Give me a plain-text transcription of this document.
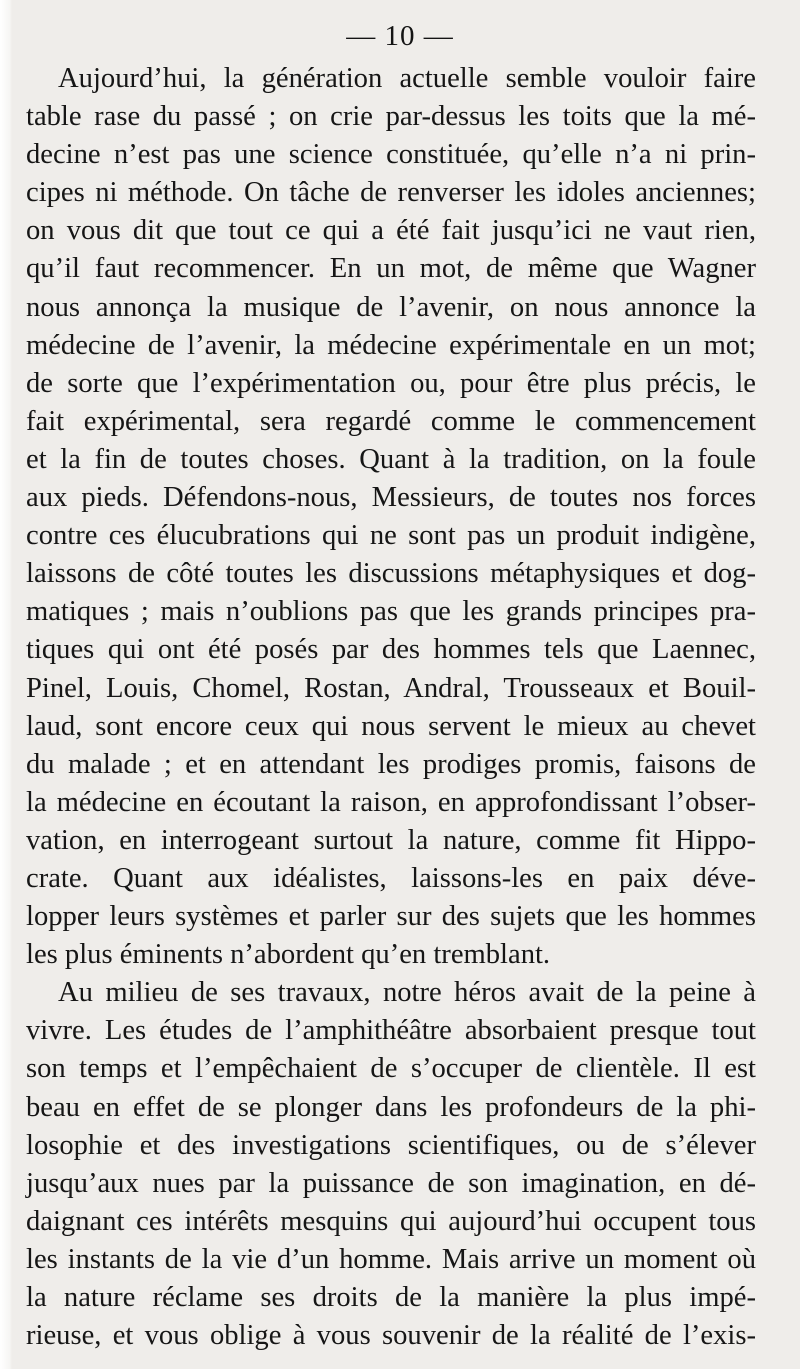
— 10 —

Aujourd’hui, la génération actuelle semble vouloir faire
table rase du passé ; on crie par-dessus les toits que la mé-
decine n’est pas une science constituée, qu’elle n’a ni prin-
cipes ni méthode. On tâche de renverser les idoles anciennes;
on vous dit que tout ce qui a été fait jusqu’ici ne vaut rien,
qu’il faut recommencer. En un mot, de même que Wagner
nous annonça la musique de l’avenir, on nous annonce la
médecine de l’avenir, la médecine expérimentale en un mot;
de sorte que l’expérimentation ou, pour être plus précis, le
fait expérimental, sera regardé comme le commencement
et la fin de toutes choses. Quant à la tradition, on la foule
aux pieds. Défendons-nous, Messieurs, de toutes nos forces
contre ces élucubrations qui ne sont pas un produit indigène,
laissons de côté toutes les discussions métaphysiques et dog-
matiques ; mais n’oublions pas que les grands principes pra-
tiques qui ont été posés par des hommes tels que Laennec,
Pinel, Louis, Chomel, Rostan, Andral, Trousseaux et Bouil-
laud, sont encore ceux qui nous servent le mieux au chevet
du malade ; et en attendant les prodiges promis, faisons de
la médecine en écoutant la raison, en approfondissant l’obser-
vation, en interrogeant surtout la nature, comme fit Hippo-
crate. Quant aux idéalistes, laissons-les en paix déve-
lopper leurs systèmes et parler sur des sujets que les hommes
les plus éminents n’abordent qu’en tremblant.

Au milieu de ses travaux, notre héros avait de la peine à
vivre. Les études de l’amphithéâtre absorbaient presque tout
son temps et l’empêchaient de s’occuper de clientèle. Il est
beau en effet de se plonger dans les profondeurs de la phi-
losophie et des investigations scientifiques, ou de s’élever
jusqu’aux nues par la puissance de son imagination, en dé-
daignant ces intérêts mesquins qui aujourd’hui occupent tous
les instants de la vie d’un homme. Mais arrive un moment où
la nature réclame ses droits de la manière la plus impé-
rieuse, et vous oblige à vous souvenir de la réalité de l’exis-
